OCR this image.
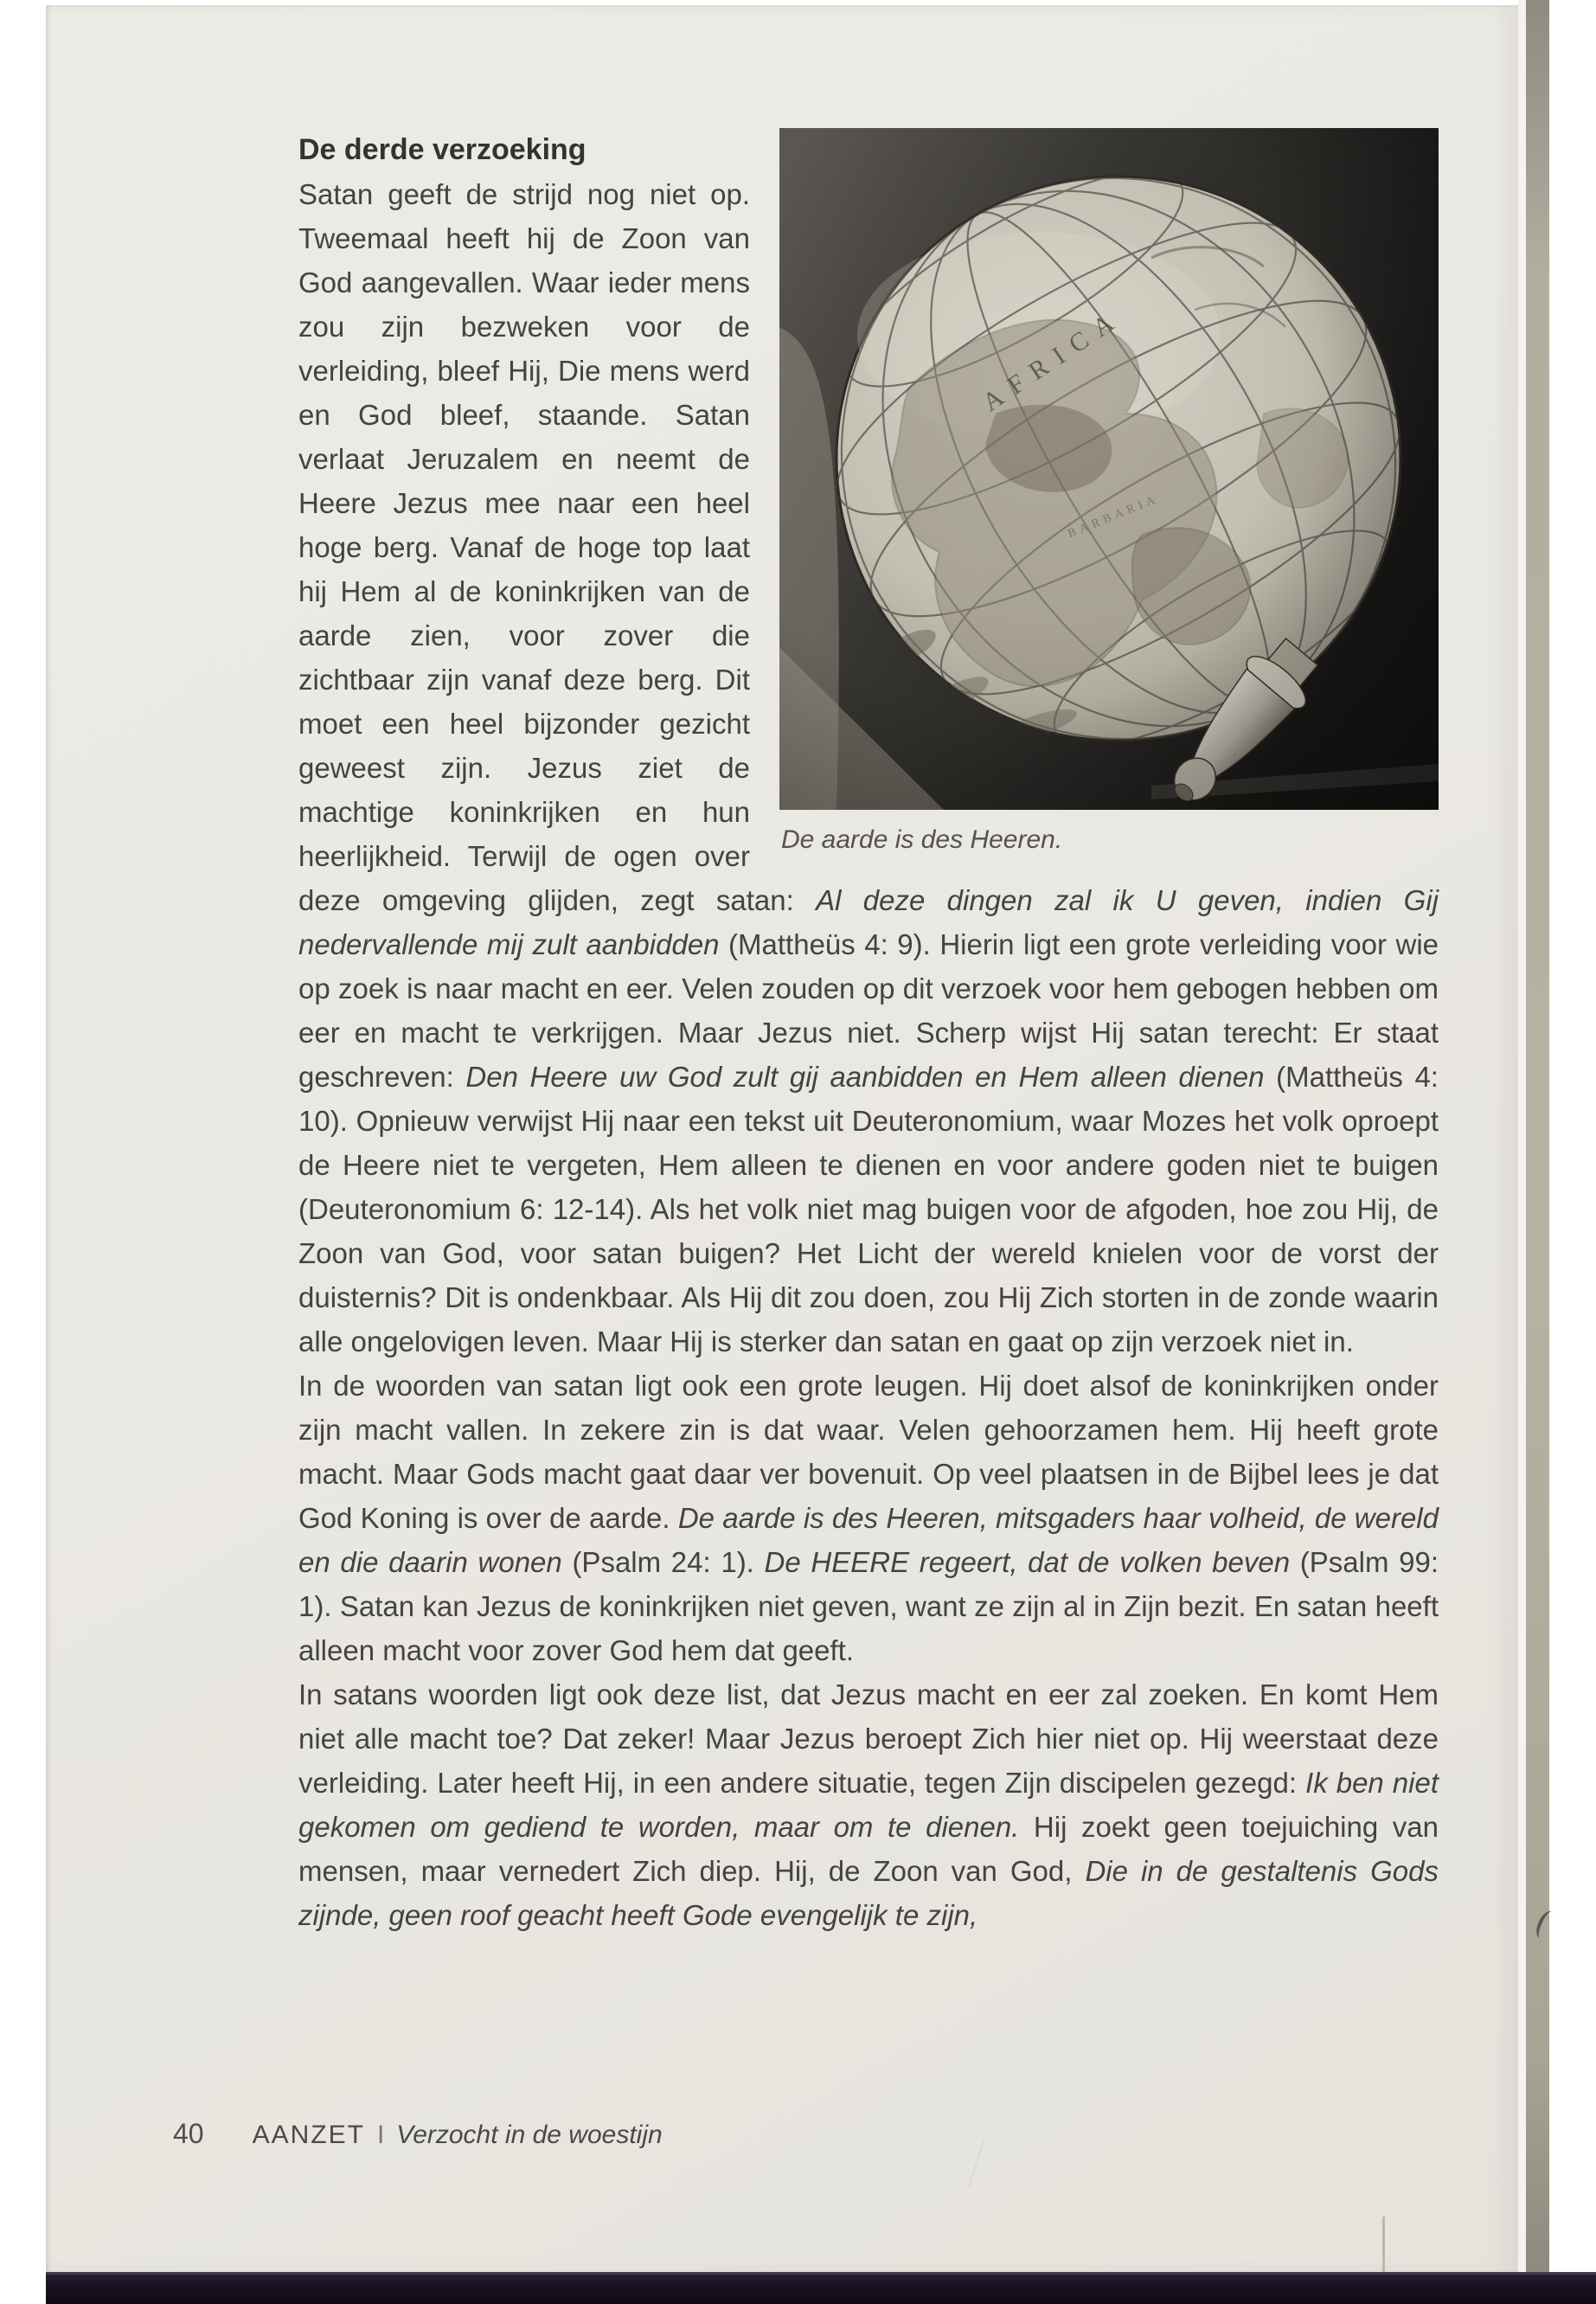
De aarde is des Heeren.
De derde verzoeking

Satan geeft de strijd nog niet op. Tweemaal heeft hij de Zoon van God aangevallen. Waar ieder mens zou zijn bezweken voor de verleiding, bleef Hij, Die mens werd en God bleef, staande. Satan verlaat Jeruzalem en neemt de Heere Jezus mee naar een heel hoge berg. Vanaf de hoge top laat hij Hem al de koninkrijken van de aarde zien, voor zover die zichtbaar zijn vanaf deze berg. Dit moet een heel bijzonder gezicht geweest zijn. Jezus ziet de machtige koninkrijken en hun heerlijkheid. Terwijl de ogen over deze omgeving glijden, zegt satan: Al deze dingen zal ik U geven, indien Gij nedervallende mij zult aanbidden (Mattheüs 4: 9). Hierin ligt een grote verleiding voor wie op zoek is naar macht en eer. Velen zouden op dit verzoek voor hem gebogen hebben om eer en macht te verkrijgen. Maar Jezus niet. Scherp wijst Hij satan terecht: Er staat geschreven: Den Heere uw God zult gij aanbidden en Hem alleen dienen (Mattheüs 4: 10). Opnieuw verwijst Hij naar een tekst uit Deuteronomium, waar Mozes het volk oproept de Heere niet te vergeten, Hem alleen te dienen en voor andere goden niet te buigen (Deuteronomium 6: 12-14). Als het volk niet mag buigen voor de afgoden, hoe zou Hij, de Zoon van God, voor satan buigen? Het Licht der wereld knielen voor de vorst der duisternis? Dit is ondenkbaar. Als Hij dit zou doen, zou Hij Zich storten in de zonde waarin alle ongelovigen leven. Maar Hij is sterker dan satan en gaat op zijn verzoek niet in.

In de woorden van satan ligt ook een grote leugen. Hij doet alsof de koninkrijken onder zijn macht vallen. In zekere zin is dat waar. Velen gehoorzamen hem. Hij heeft grote macht. Maar Gods macht gaat daar ver bovenuit. Op veel plaatsen in de Bijbel lees je dat God Koning is over de aarde. De aarde is des Heeren, mitsgaders haar volheid, de wereld en die daarin wonen (Psalm 24: 1). De HEERE regeert, dat de volken beven (Psalm 99: 1). Satan kan Jezus de koninkrijken niet geven, want ze zijn al in Zijn bezit. En satan heeft alleen macht voor zover God hem dat geeft.

In satans woorden ligt ook deze list, dat Jezus macht en eer zal zoeken. En komt Hem niet alle macht toe? Dat zeker! Maar Jezus beroept Zich hier niet op. Hij weerstaat deze verleiding. Later heeft Hij, in een andere situatie, tegen Zijn discipelen gezegd: Ik ben niet gekomen om gediend te worden, maar om te dienen. Hij zoekt geen toejuiching van mensen, maar vernedert Zich diep. Hij, de Zoon van God, Die in de gestaltenis Gods zijnde, geen roof geacht heeft Gode evengelijk te zijn,

40 AANZET I Verzocht in de woestijn
